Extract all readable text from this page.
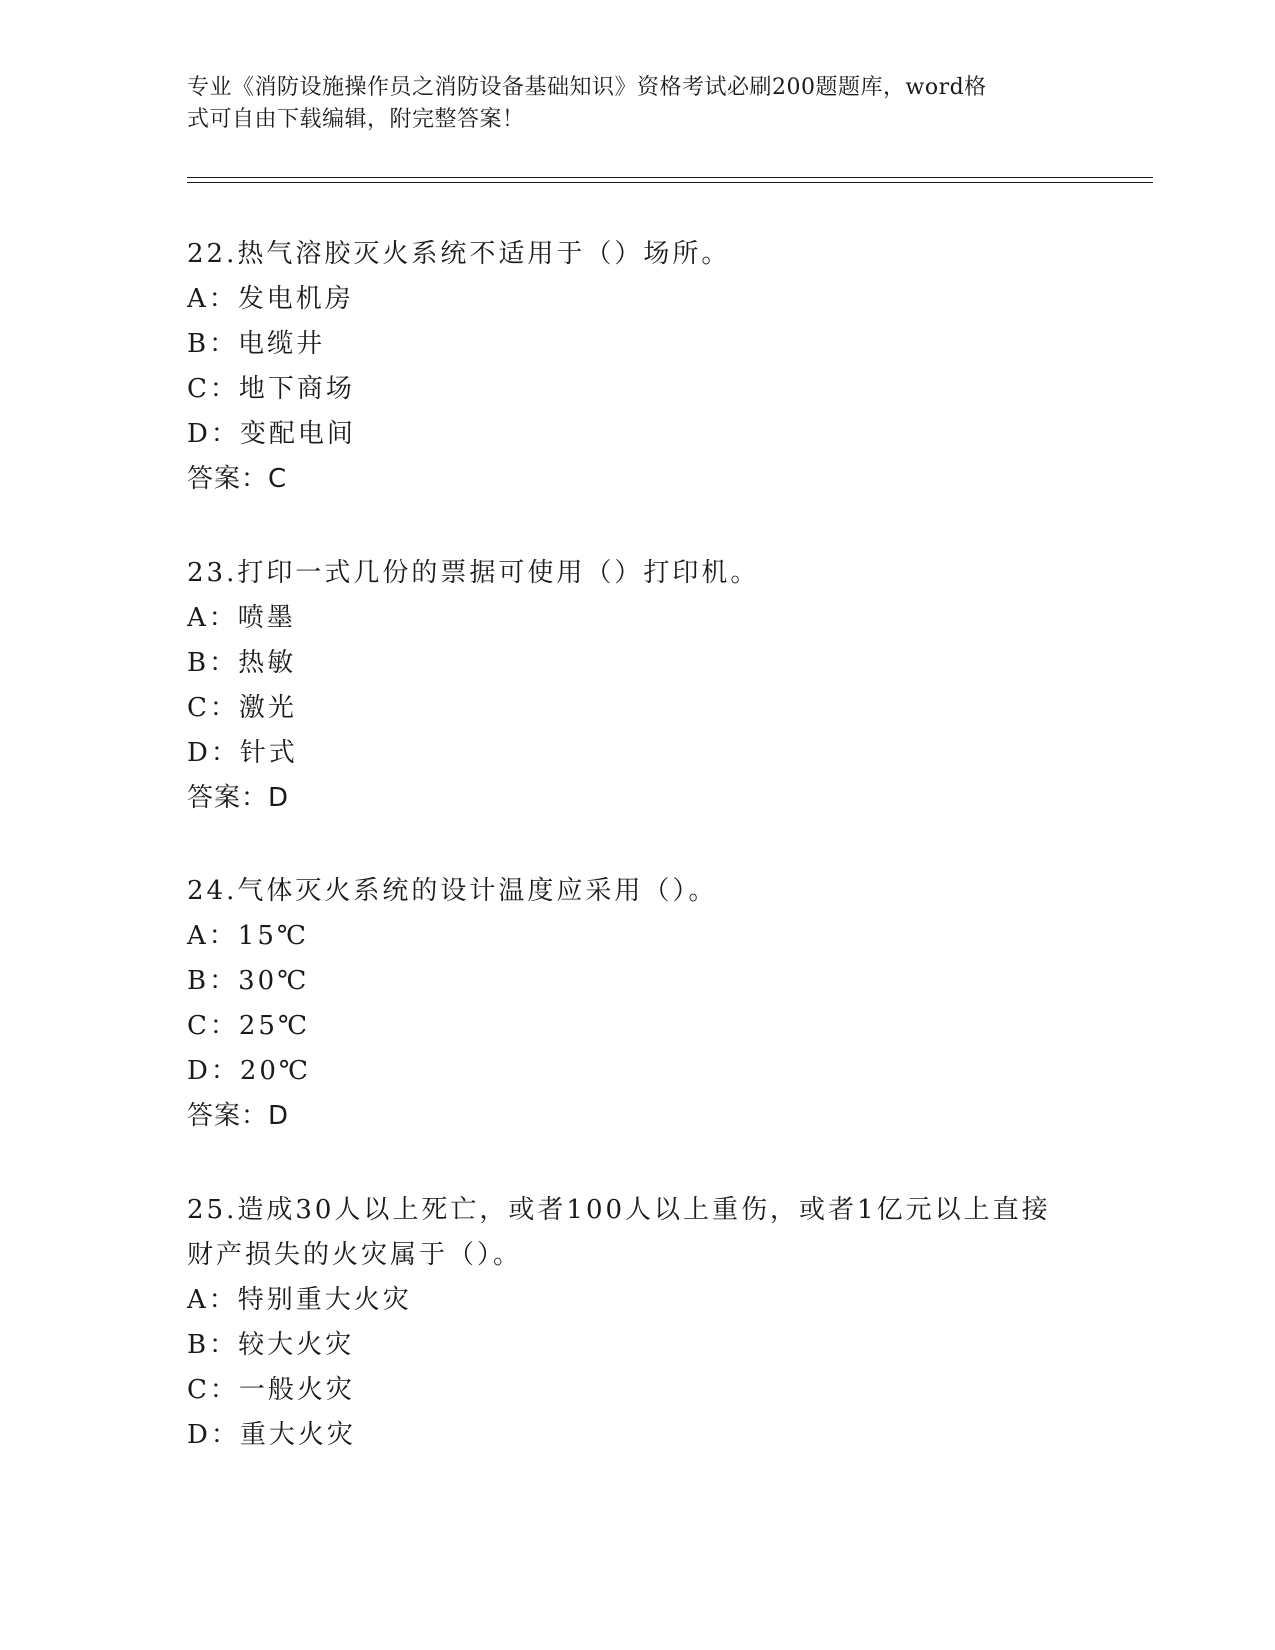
专业《消防设施操作员之消防设备基础知识》资格考试必刷200题题库，word格
式可自由下载编辑，附完整答案！
22.热气溶胶灭火系统不适用于（）场所。
A：发电机房
B：电缆井
C：地下商场
D：变配电间
答案：C
23.打印一式几份的票据可使用（）打印机。
A：喷墨
B：热敏
C：激光
D：针式
答案：D
24.气体灭火系统的设计温度应采用（）。
A：15℃
B：30℃
C：25℃
D：20℃
答案：D
25.造成30人以上死亡，或者100人以上重伤，或者1亿元以上直接
财产损失的火灾属于（）。
A：特别重大火灾
B：较大火灾
C：一般火灾
D：重大火灾
